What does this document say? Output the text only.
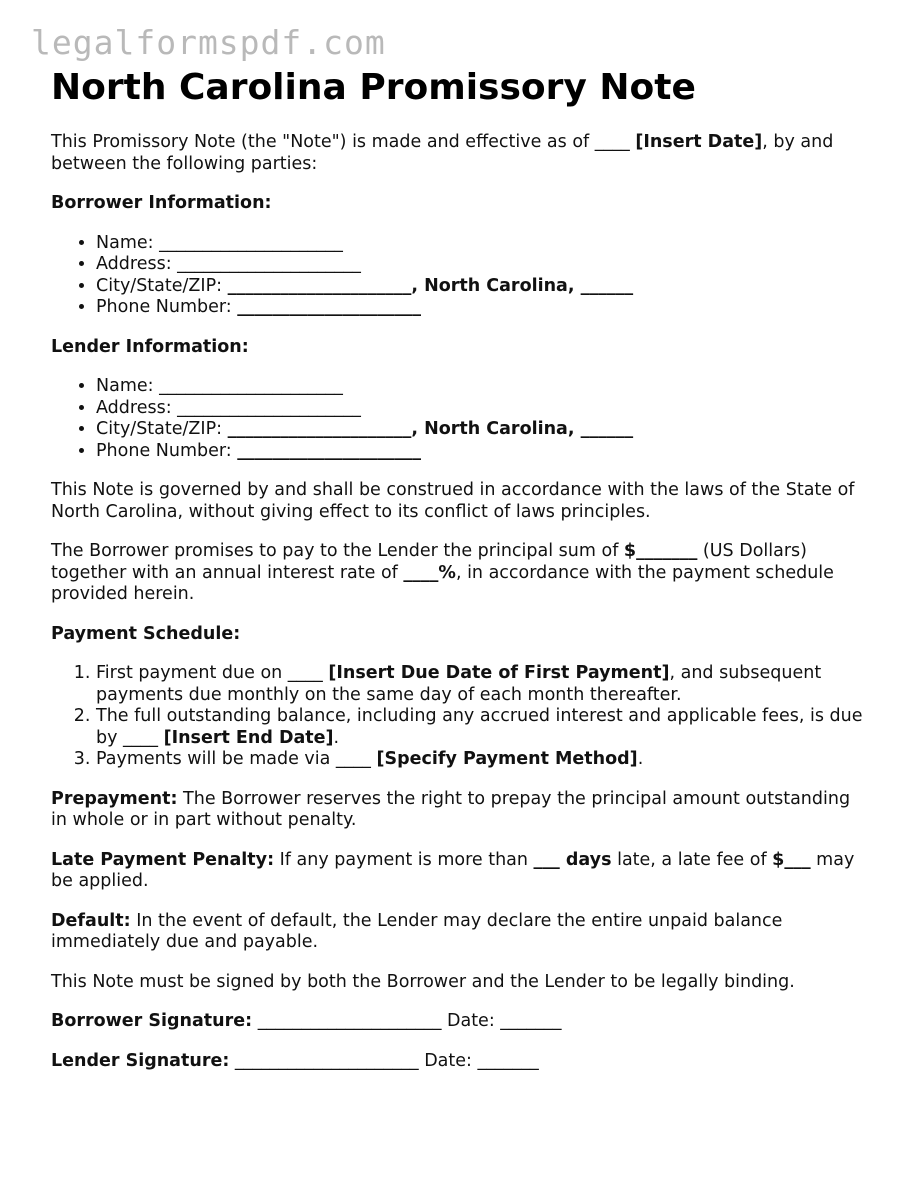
legalformspdf.com
North Carolina Promissory Note

This Promissory Note (the "Note") is made and effective as of ____ [Insert Date], by and between the following parties:

Borrower Information:

• Name: _____________________
• Address: _____________________
• City/State/ZIP: _____________________, North Carolina, ______
• Phone Number: _____________________

Lender Information:

• Name: _____________________
• Address: _____________________
• City/State/ZIP: _____________________, North Carolina, ______
• Phone Number: _____________________

This Note is governed by and shall be construed in accordance with the laws of the State of North Carolina, without giving effect to its conflict of laws principles.

The Borrower promises to pay to the Lender the principal sum of $_______ (US Dollars) together with an annual interest rate of ____%, in accordance with the payment schedule provided herein.

Payment Schedule:

1. First payment due on ____ [Insert Due Date of First Payment], and subsequent payments due monthly on the same day of each month thereafter.
2. The full outstanding balance, including any accrued interest and applicable fees, is due by ____ [Insert End Date].
3. Payments will be made via ____ [Specify Payment Method].

Prepayment: The Borrower reserves the right to prepay the principal amount outstanding in whole or in part without penalty.

Late Payment Penalty: If any payment is more than ___ days late, a late fee of $___ may be applied.

Default: In the event of default, the Lender may declare the entire unpaid balance immediately due and payable.

This Note must be signed by both the Borrower and the Lender to be legally binding.

Borrower Signature: _____________________ Date: _______

Lender Signature: _____________________ Date: _______
